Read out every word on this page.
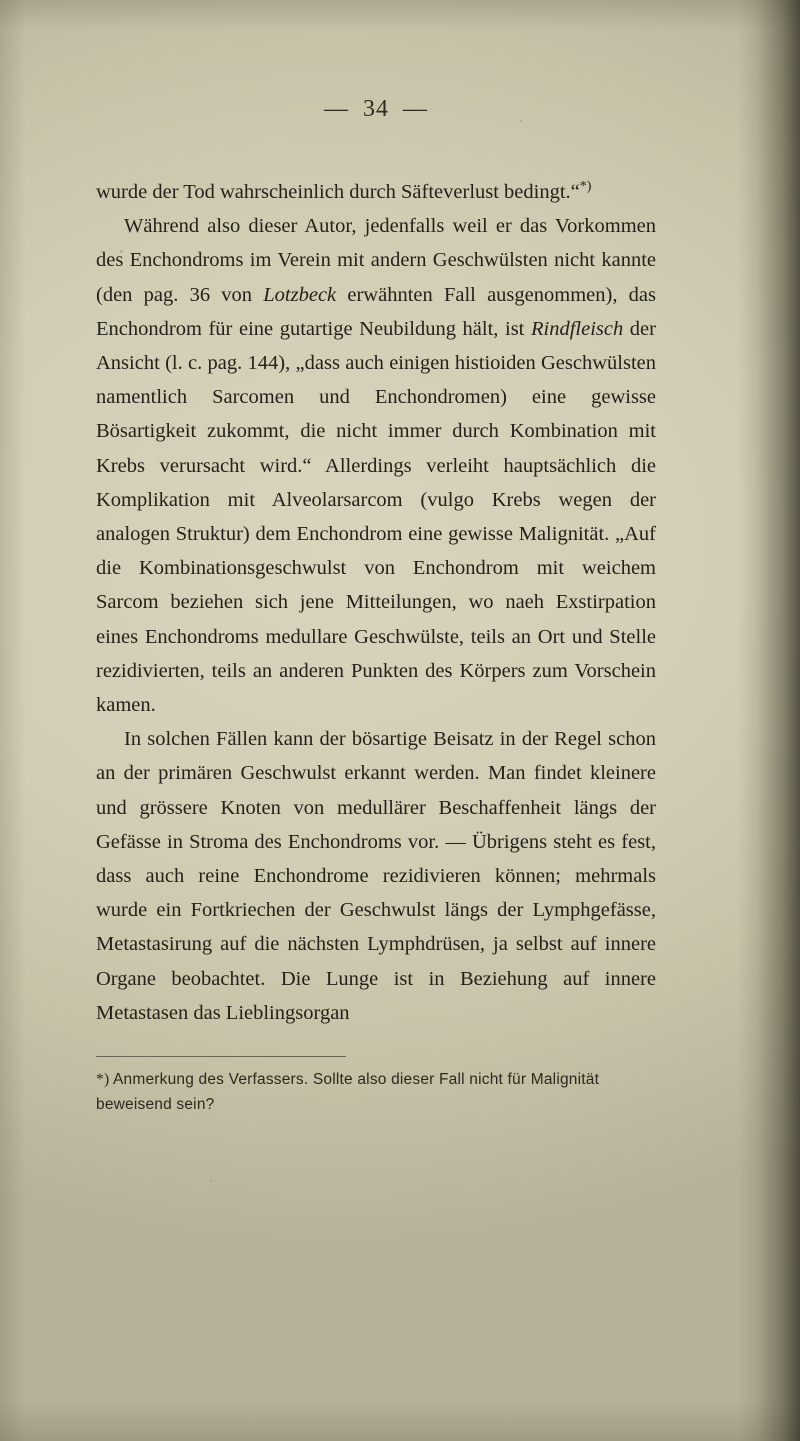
— 34 —

wurde der Tod wahrscheinlich durch Säfteverlust bedingt.“*)

Während also dieser Autor, jedenfalls weil er das Vorkommen des Enchondroms im Verein mit andern Geschwülsten nicht kannte (den pag. 36 von Lotzbeck erwähnten Fall ausgenommen), das Enchondrom für eine gutartige Neubildung hält, ist Rindfleisch der Ansicht (l. c. pag. 144), „dass auch einigen histioiden Geschwülsten namentlich Sarcomen und Enchondromen) eine gewisse Bösartigkeit zukommt, die nicht immer durch Kombination mit Krebs verursacht wird.“ Allerdings verleiht hauptsächlich die Komplikation mit Alveolarsarcom (vulgo Krebs wegen der analogen Struktur) dem Enchondrom eine gewisse Malignität. „Auf die Kombinationsgeschwulst von Enchondrom mit weichem Sarcom beziehen sich jene Mitteilungen, wo naeh Exstirpation eines Enchondroms medullare Geschwülste, teils an Ort und Stelle rezidivierten, teils an anderen Punkten des Körpers zum Vorschein kamen.

In solchen Fällen kann der bösartige Beisatz in der Regel schon an der primären Geschwulst erkannt werden. Man findet kleinere und grössere Knoten von medullärer Beschaffenheit längs der Gefässe in Stroma des Enchondroms vor. — Übrigens steht es fest, dass auch reine Enchondrome rezidivieren können; mehrmals wurde ein Fortkriechen der Geschwulst längs der Lymphgefässe, Metastasirung auf die nächsten Lymphdrüsen, ja selbst auf innere Organe beobachtet. Die Lunge ist in Beziehung auf innere Metastasen das Lieblingsorgan

*) Anmerkung des Verfassers. Sollte also dieser Fall nicht für Malignität beweisend sein?
